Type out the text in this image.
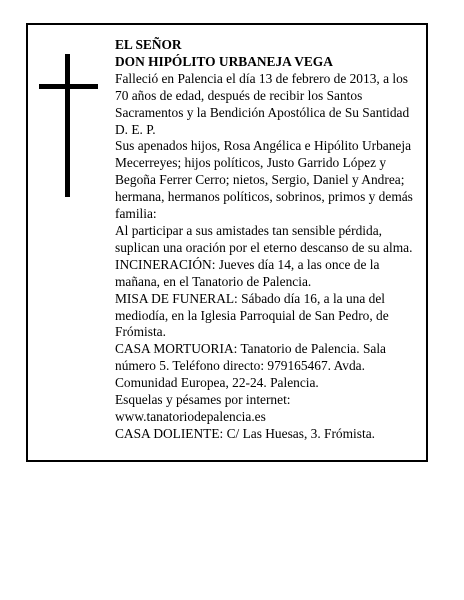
EL SEÑOR
DON HIPÓLITO URBANEJA VEGA
Falleció en Palencia el día 13 de febrero de 2013, a los
70 años de edad, después de recibir los Santos
Sacramentos y la Bendición Apostólica de Su Santidad
D. E. P.
Sus apenados hijos, Rosa Angélica e Hipólito Urbaneja
Mecerreyes; hijos políticos, Justo Garrido López y
Begoña Ferrer Cerro; nietos, Sergio, Daniel y Andrea;
hermana, hermanos políticos, sobrinos, primos y demás
familia:
Al participar a sus amistades tan sensible pérdida,
suplican una oración por el eterno descanso de su alma.
INCINERACIÓN: Jueves día 14, a las once de la
mañana, en el Tanatorio de Palencia.
MISA DE FUNERAL: Sábado día 16, a la una del
mediodía, en la Iglesia Parroquial de San Pedro, de
Frómista.
CASA MORTUORIA: Tanatorio de Palencia. Sala
número 5. Teléfono directo: 979165467. Avda.
Comunidad Europea, 22-24. Palencia.
Esquelas y pésames por internet:
www.tanatoriodepalencia.es
CASA DOLIENTE: C/ Las Huesas, 3. Frómista.
